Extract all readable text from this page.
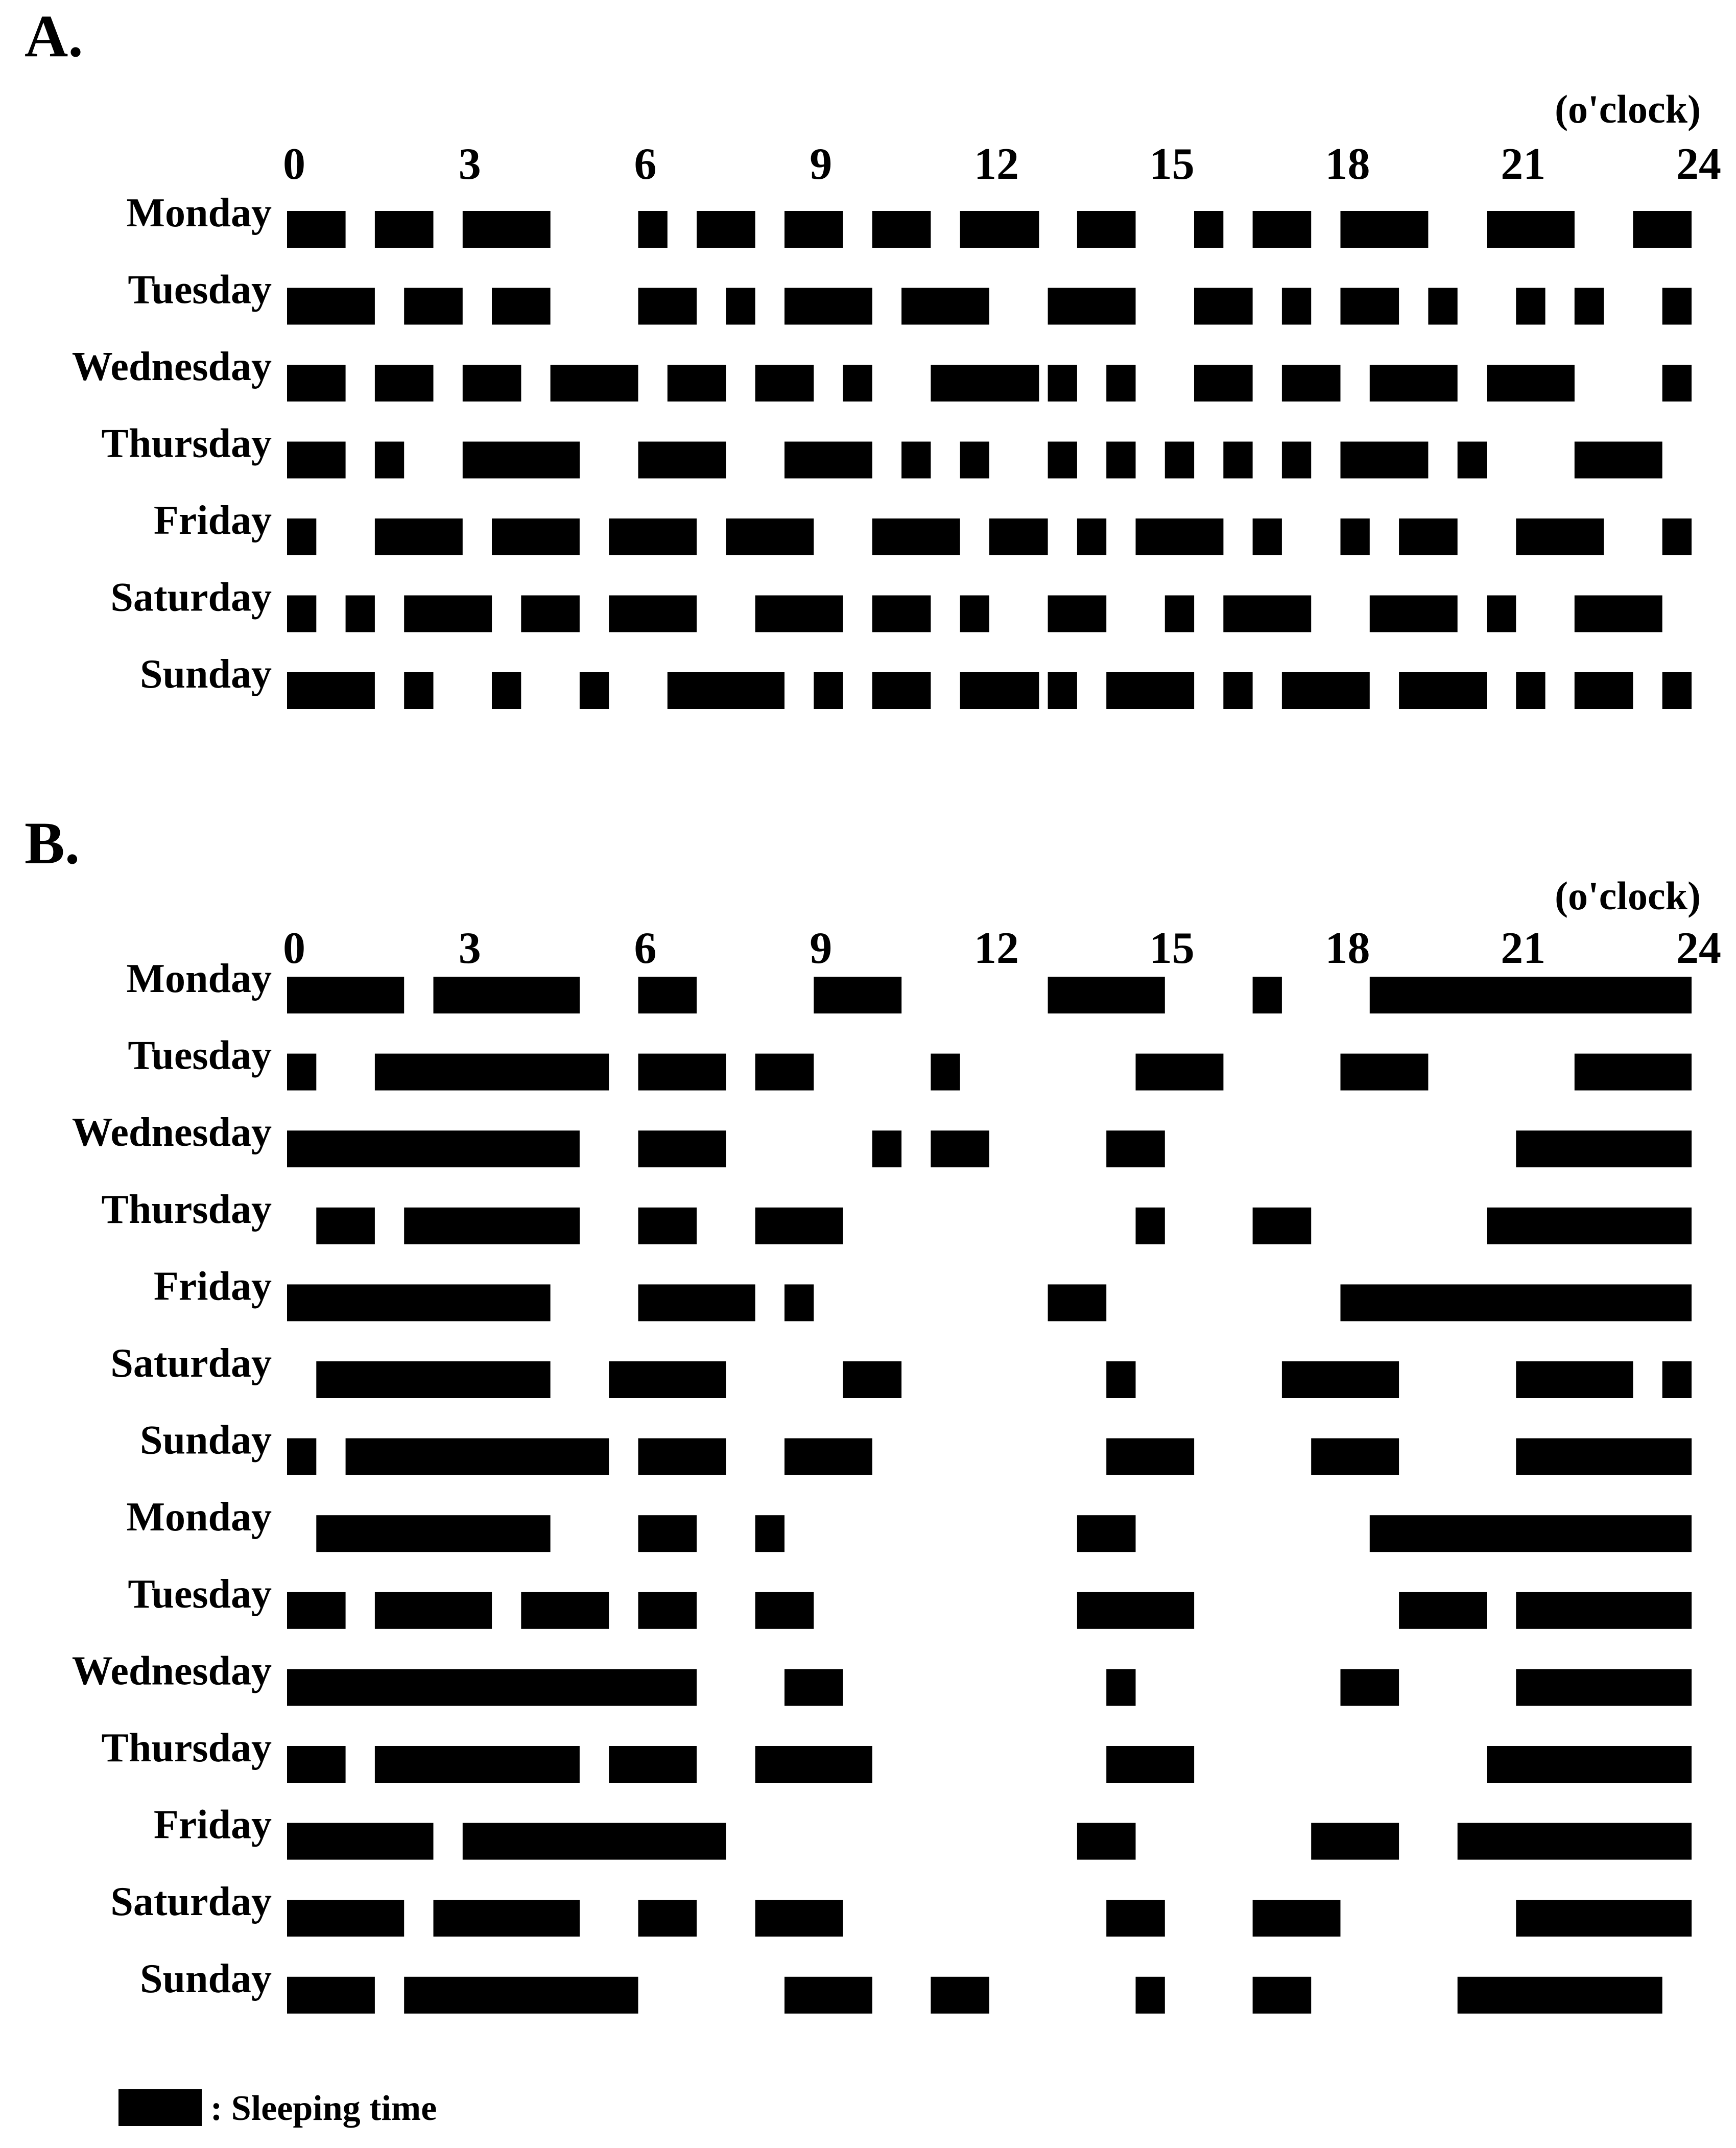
A.
(o'clock)
0	3	6	9	12	15	18	21	24
Monday
Tuesday
Wednesday
Thursday
Friday
Saturday
Sunday
B.
(o'clock)
0	3	6	9	12	15	18	21	24
Monday
Tuesday
Wednesday
Thursday
Friday
Saturday
Sunday
Monday
Tuesday
Wednesday
Thursday
Friday
Saturday
Sunday
: Sleeping time
